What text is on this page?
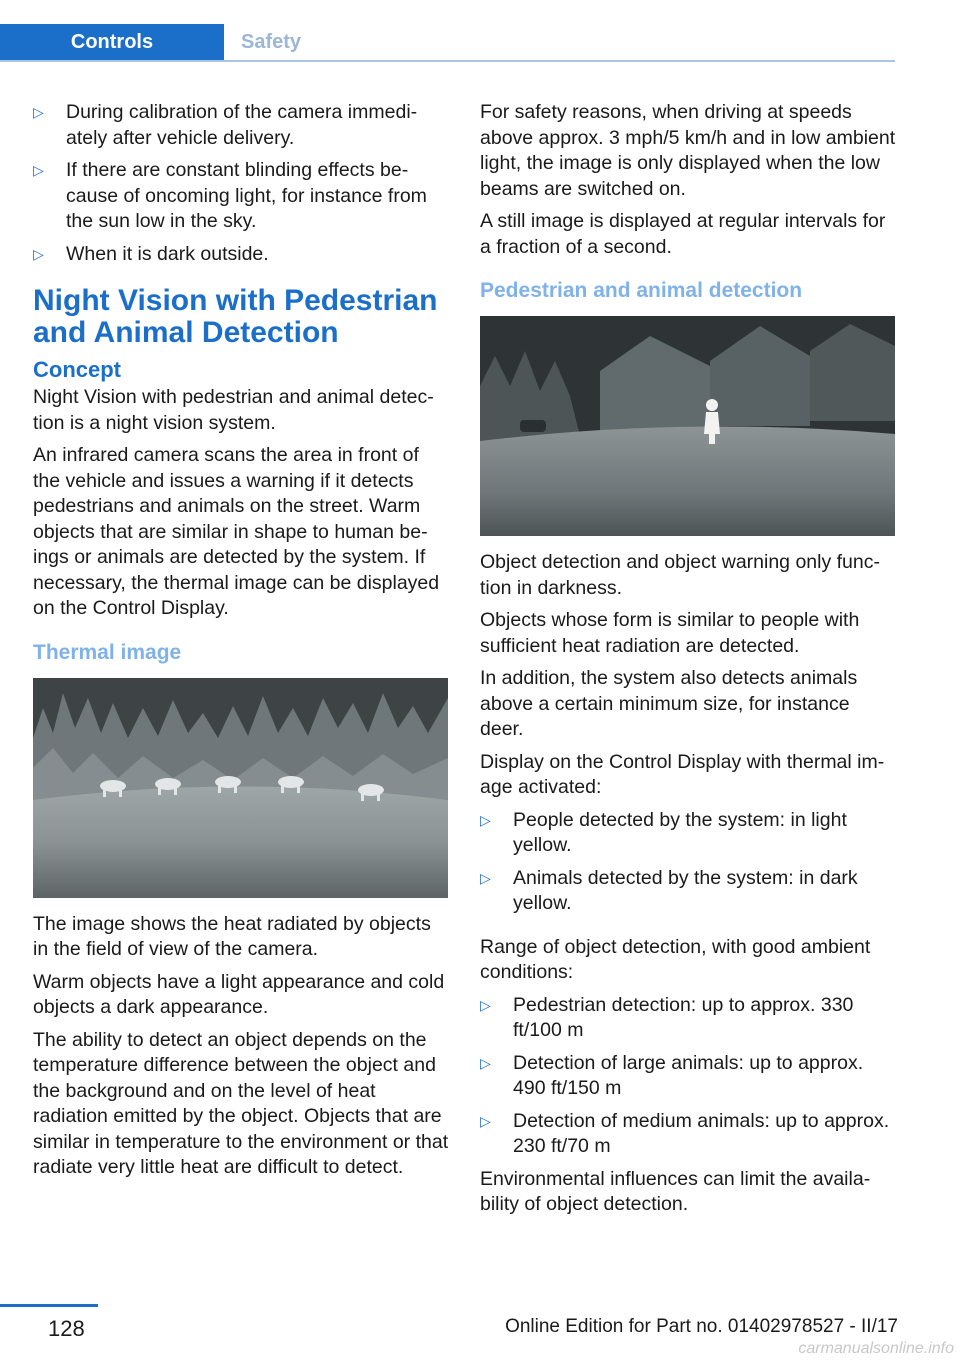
Controls	Safety
▷ During calibration of the camera immediately after vehicle delivery.
▷ If there are constant blinding effects because of oncoming light, for instance from the sun low in the sky.
▷ When it is dark outside.
Night Vision with Pedestrian and Animal Detection
Concept

Night Vision with pedestrian and animal detection is a night vision system.

An infrared camera scans the area in front of the vehicle and issues a warning if it detects pedestrians and animals on the street. Warm objects that are similar in shape to human beings or animals are detected by the system. If necessary, the thermal image can be displayed on the Control Display.

Thermal image

The image shows the heat radiated by objects in the field of view of the camera.

Warm objects have a light appearance and cold objects a dark appearance.

The ability to detect an object depends on the temperature difference between the object and the background and on the level of heat radiation emitted by the object. Objects that are similar in temperature to the environment or that radiate very little heat are difficult to detect.

For safety reasons, when driving at speeds above approx. 3 mph/5 km/h and in low ambient light, the image is only displayed when the low beams are switched on.

A still image is displayed at regular intervals for a fraction of a second.

Pedestrian and animal detection

Object detection and object warning only function in darkness.

Objects whose form is similar to people with sufficient heat radiation are detected.

In addition, the system also detects animals above a certain minimum size, for instance deer.

Display on the Control Display with thermal image activated:

▷ People detected by the system: in light yellow.
▷ Animals detected by the system: in dark yellow.

Range of object detection, with good ambient conditions:

▷ Pedestrian detection: up to approx. 330 ft/100 m
▷ Detection of large animals: up to approx. 490 ft/150 m
▷ Detection of medium animals: up to approx. 230 ft/70 m

Environmental influences can limit the availability of object detection.

128	Online Edition for Part no. 01402978527 - II/17
carmanualsonline.info
